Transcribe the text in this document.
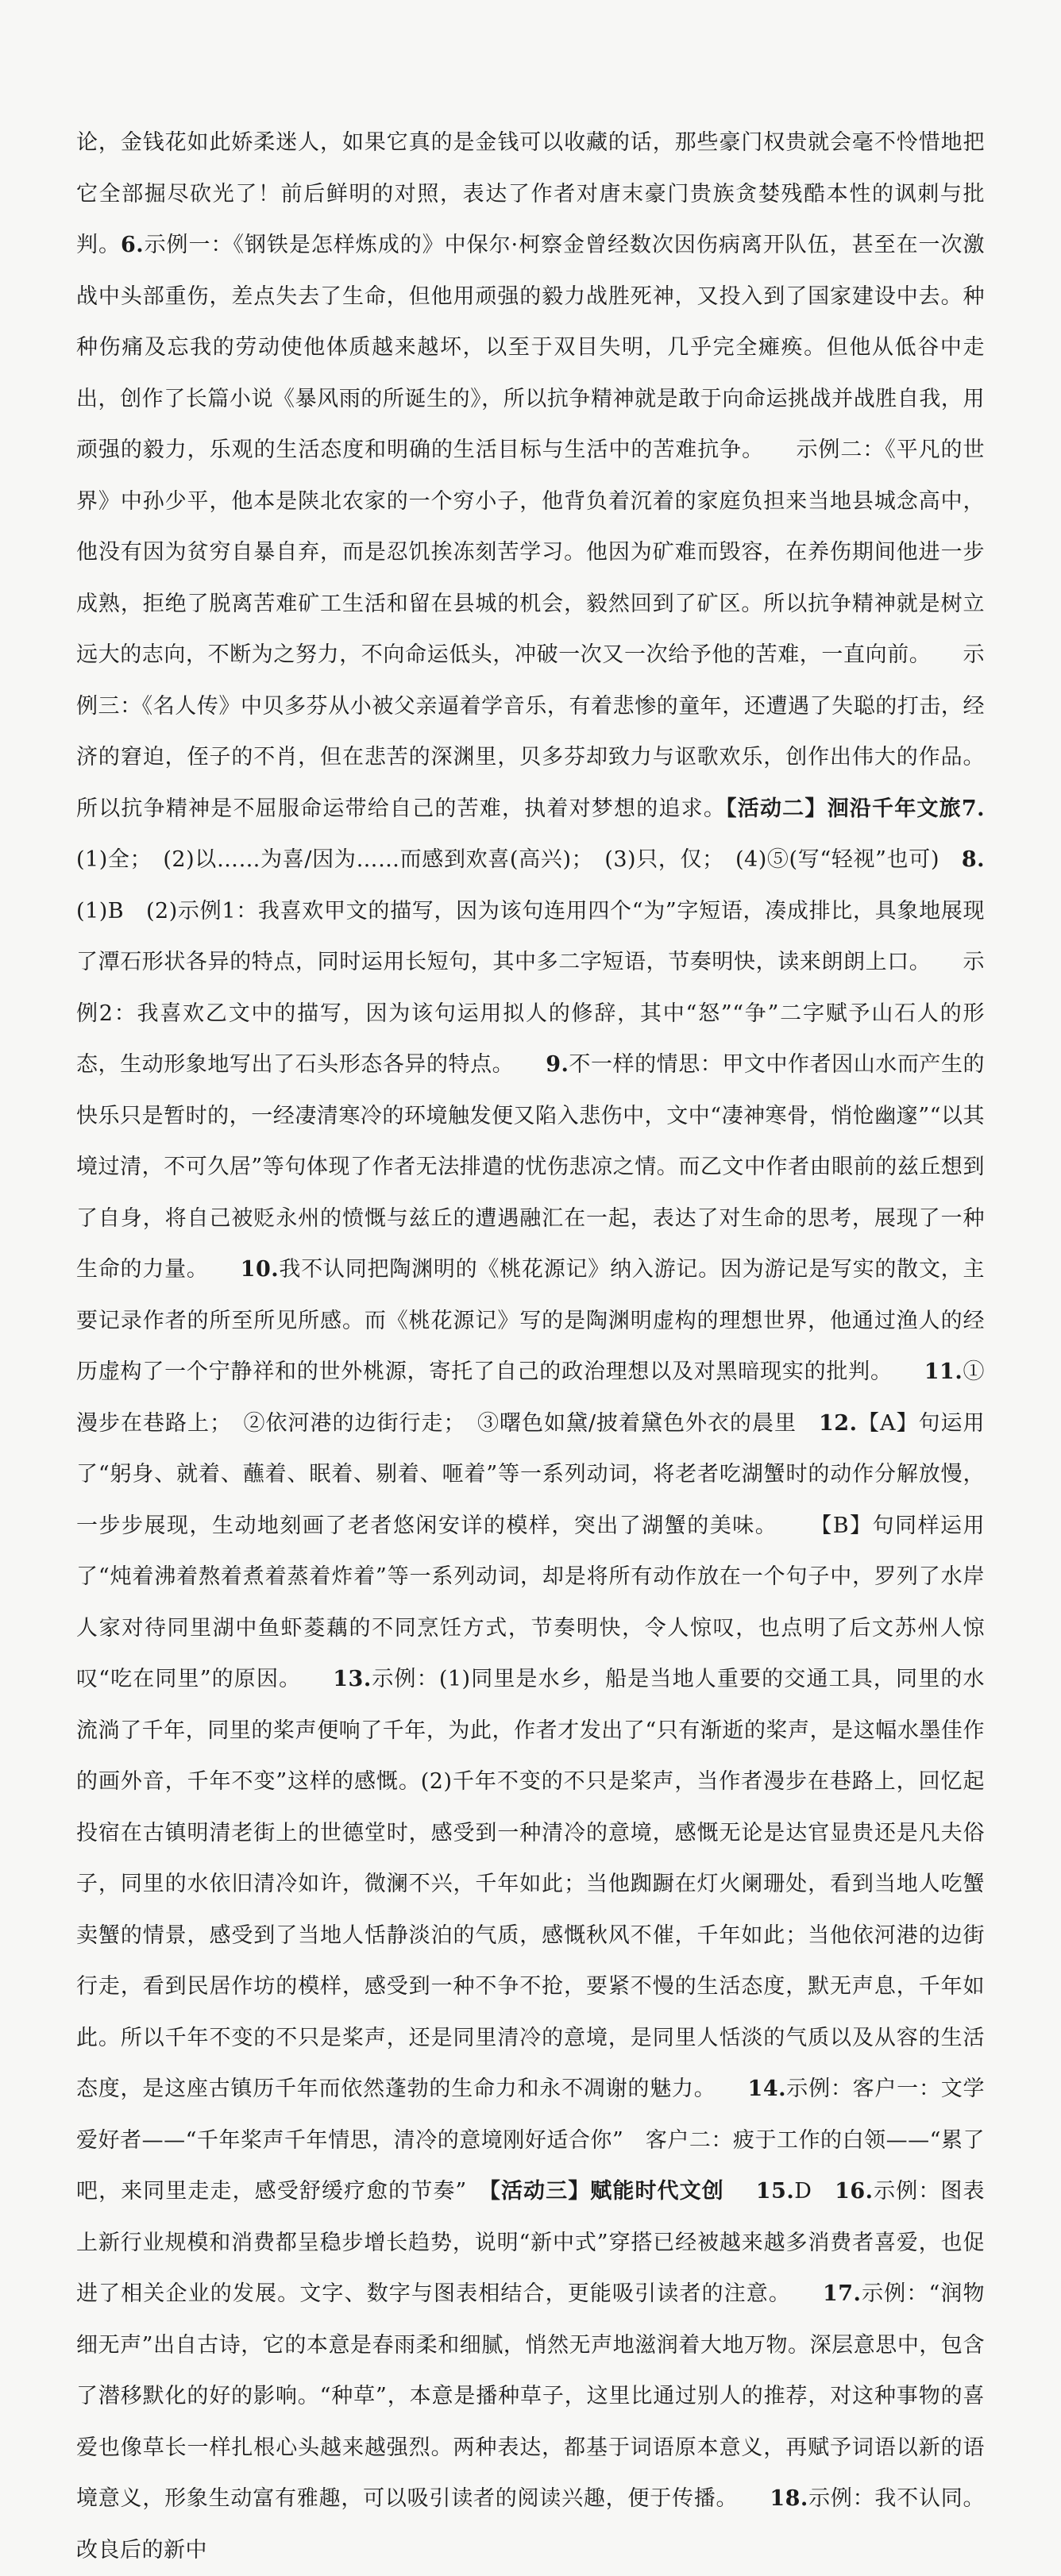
论，金钱花如此娇柔迷人，如果它真的是金钱可以收藏的话，那些豪门权贵就会毫不怜惜地把它全部掘尽砍光了！前后鲜明的对照，表达了作者对唐末豪门贵族贪婪残酷本性的讽刺与批判。6.示例一：《钢铁是怎样炼成的》中保尔·柯察金曾经数次因伤病离开队伍，甚至在一次激战中头部重伤，差点失去了生命，但他用顽强的毅力战胜死神，又投入到了国家建设中去。种种伤痛及忘我的劳动使他体质越来越坏，以至于双目失明，几乎完全瘫痪。但他从低谷中走出，创作了长篇小说《暴风雨的所诞生的》，所以抗争精神就是敢于向命运挑战并战胜自我，用顽强的毅力，乐观的生活态度和明确的生活目标与生活中的苦难抗争。 示例二：《平凡的世界》中孙少平，他本是陕北农家的一个穷小子，他背负着沉着的家庭负担来当地县城念高中，他没有因为贫穷自暴自弃，而是忍饥挨冻刻苦学习。他因为矿难而毁容，在养伤期间他进一步成熟，拒绝了脱离苦难矿工生活和留在县城的机会，毅然回到了矿区。所以抗争精神就是树立远大的志向，不断为之努力，不向命运低头，冲破一次又一次给予他的苦难，一直向前。 示例三：《名人传》中贝多芬从小被父亲逼着学音乐，有着悲惨的童年，还遭遇了失聪的打击，经济的窘迫，侄子的不肖，但在悲苦的深渊里，贝多芬却致力与讴歌欢乐，创作出伟大的作品。所以抗争精神是不屈服命运带给自己的苦难，执着对梦想的追求。【活动二】洄沿千年文旅7.(1)全；　(2)以……为喜/因为……而感到欢喜(高兴)；　(3)只，仅；　(4)⑤(写“轻视”也可)　8.(1)B　(2)示例1：我喜欢甲文的描写，因为该句连用四个“为”字短语，凑成排比，具象地展现了潭石形状各异的特点，同时运用长短句，其中多二字短语，节奏明快，读来朗朗上口。 示例2：我喜欢乙文中的描写，因为该句运用拟人的修辞，其中“怒”“争”二字赋予山石人的形态，生动形象地写出了石头形态各异的特点。 9.不一样的情思：甲文中作者因山水而产生的快乐只是暂时的，一经凄清寒冷的环境触发便又陷入悲伤中，文中“凄神寒骨，悄怆幽邃”“以其境过清，不可久居”等句体现了作者无法排遣的忧伤悲凉之情。而乙文中作者由眼前的兹丘想到了自身，将自己被贬永州的愤慨与兹丘的遭遇融汇在一起，表达了对生命的思考，展现了一种生命的力量。 10.我不认同把陶渊明的《桃花源记》纳入游记。因为游记是写实的散文，主要记录作者的所至所见所感。而《桃花源记》写的是陶渊明虚构的理想世界，他通过渔人的经历虚构了一个宁静祥和的世外桃源，寄托了自己的政治理想以及对黑暗现实的批判。 11.①漫步在巷路上；　②依河港的边街行走；　③曙色如黛/披着黛色外衣的晨里　12.【A】句运用了“躬身、就着、蘸着、眠着、剔着、咂着”等一系列动词，将老者吃湖蟹时的动作分解放慢，一步步展现，生动地刻画了老者悠闲安详的模样，突出了湖蟹的美味。 【B】句同样运用了“炖着沸着熬着煮着蒸着炸着”等一系列动词，却是将所有动作放在一个句子中，罗列了水岸人家对待同里湖中鱼虾菱藕的不同烹饪方式，节奏明快，令人惊叹，也点明了后文苏州人惊叹“吃在同里”的原因。 13.示例：(1)同里是水乡，船是当地人重要的交通工具，同里的水流淌了千年，同里的桨声便响了千年，为此，作者才发出了“只有渐逝的桨声，是这幅水墨佳作的画外音，千年不变”这样的感慨。(2)千年不变的不只是桨声，当作者漫步在巷路上，回忆起投宿在古镇明清老街上的世德堂时，感受到一种清冷的意境，感慨无论是达官显贵还是凡夫俗子，同里的水依旧清冷如许，微澜不兴，千年如此；当他踟蹰在灯火阑珊处，看到当地人吃蟹卖蟹的情景，感受到了当地人恬静淡泊的气质，感慨秋风不催，千年如此；当他依河港的边街行走，看到民居作坊的模样，感受到一种不争不抢，要紧不慢的生活态度，默无声息，千年如此。所以千年不变的不只是桨声，还是同里清冷的意境，是同里人恬淡的气质以及从容的生活态度，是这座古镇历千年而依然蓬勃的生命力和永不凋谢的魅力。 14.示例：客户一：文学爱好者——“千年桨声千年情思，清冷的意境刚好适合你”　客户二：疲于工作的白领——“累了吧，来同里走走，感受舒缓疗愈的节奏”　【活动三】赋能时代文创 15.D　16.示例：图表上新行业规模和消费都呈稳步增长趋势，说明“新中式”穿搭已经被越来越多消费者喜爱，也促进了相关企业的发展。文字、数字与图表相结合，更能吸引读者的注意。 17.示例：“润物细无声”出自古诗，它的本意是春雨柔和细腻，悄然无声地滋润着大地万物。深层意思中，包含了潜移默化的好的影响。“种草”，本意是播种草子，这里比通过别人的推荐，对这种事物的喜爱也像草长一样扎根心头越来越强烈。两种表达，都基于词语原本意义，再赋予词语以新的语境意义，形象生动富有雅趣，可以吸引读者的阅读兴趣，便于传播。 18.示例：我不认同。改良后的新中
